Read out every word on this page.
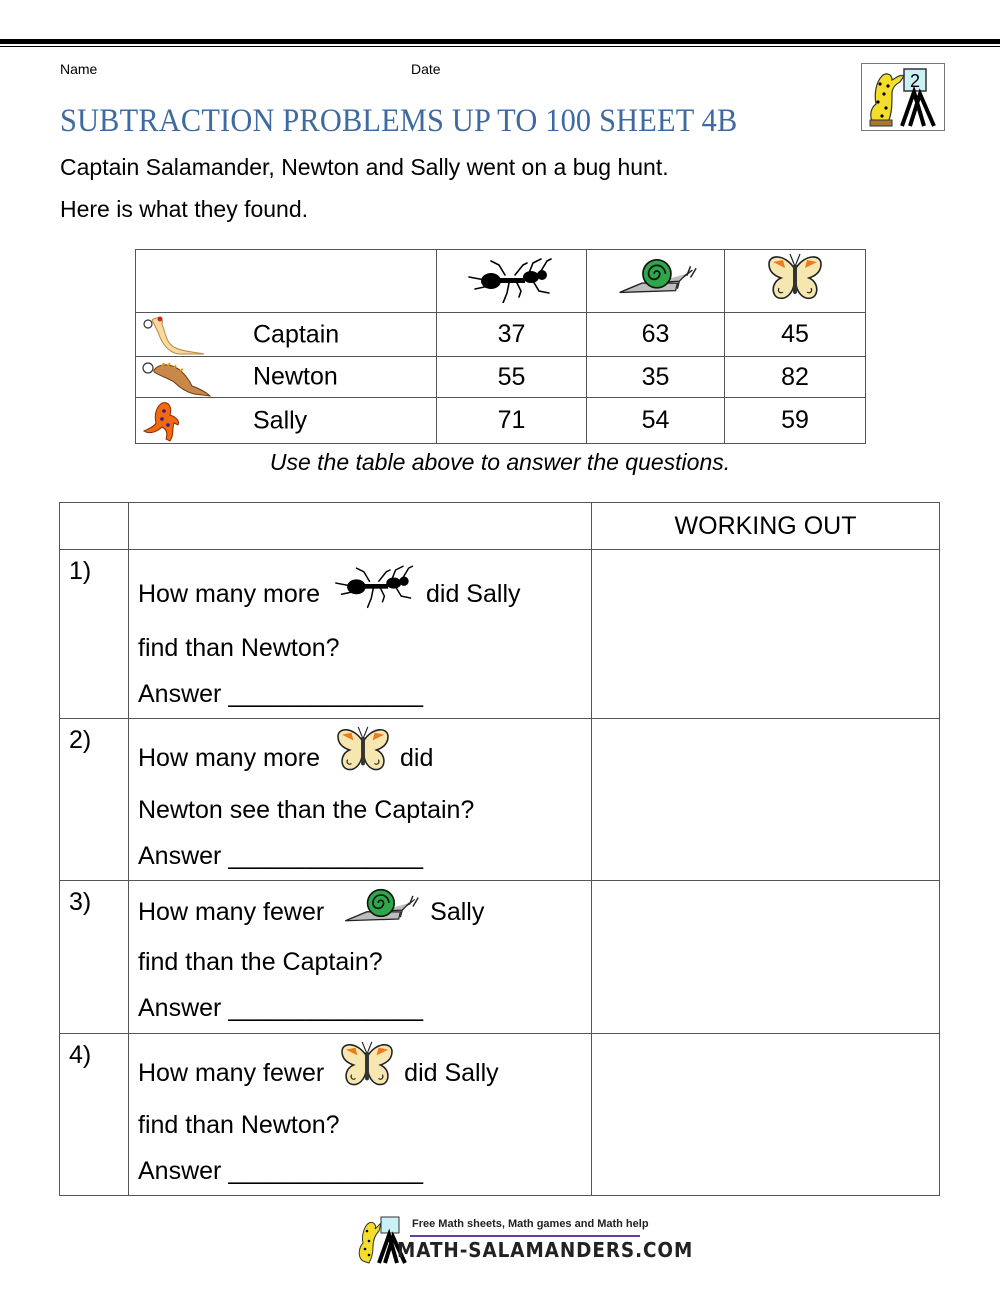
Name	Date
2
SUBTRACTION PROBLEMS UP TO 100 SHEET 4B
Captain Salamander, Newton and Sally went on a bug hunt.
Here is what they found.

Captain	37	63	45

Newton	55	35	82

Sally	71	54	59
Use the table above to answer the questions.
		WORKING OUT
1)	How many more did Sally
find than Newton?
Answer
______________	

2)	How many more did
Newton see than the Captain?
Answer
______________	

3)	How many fewer Sally
find than the Captain?
Answer
______________	

4)	How many fewer did Sally
find than Newton?
Answer
______________	

Free Math sheets, Math games and Math help
MATH-SALAMANDERS.COM
